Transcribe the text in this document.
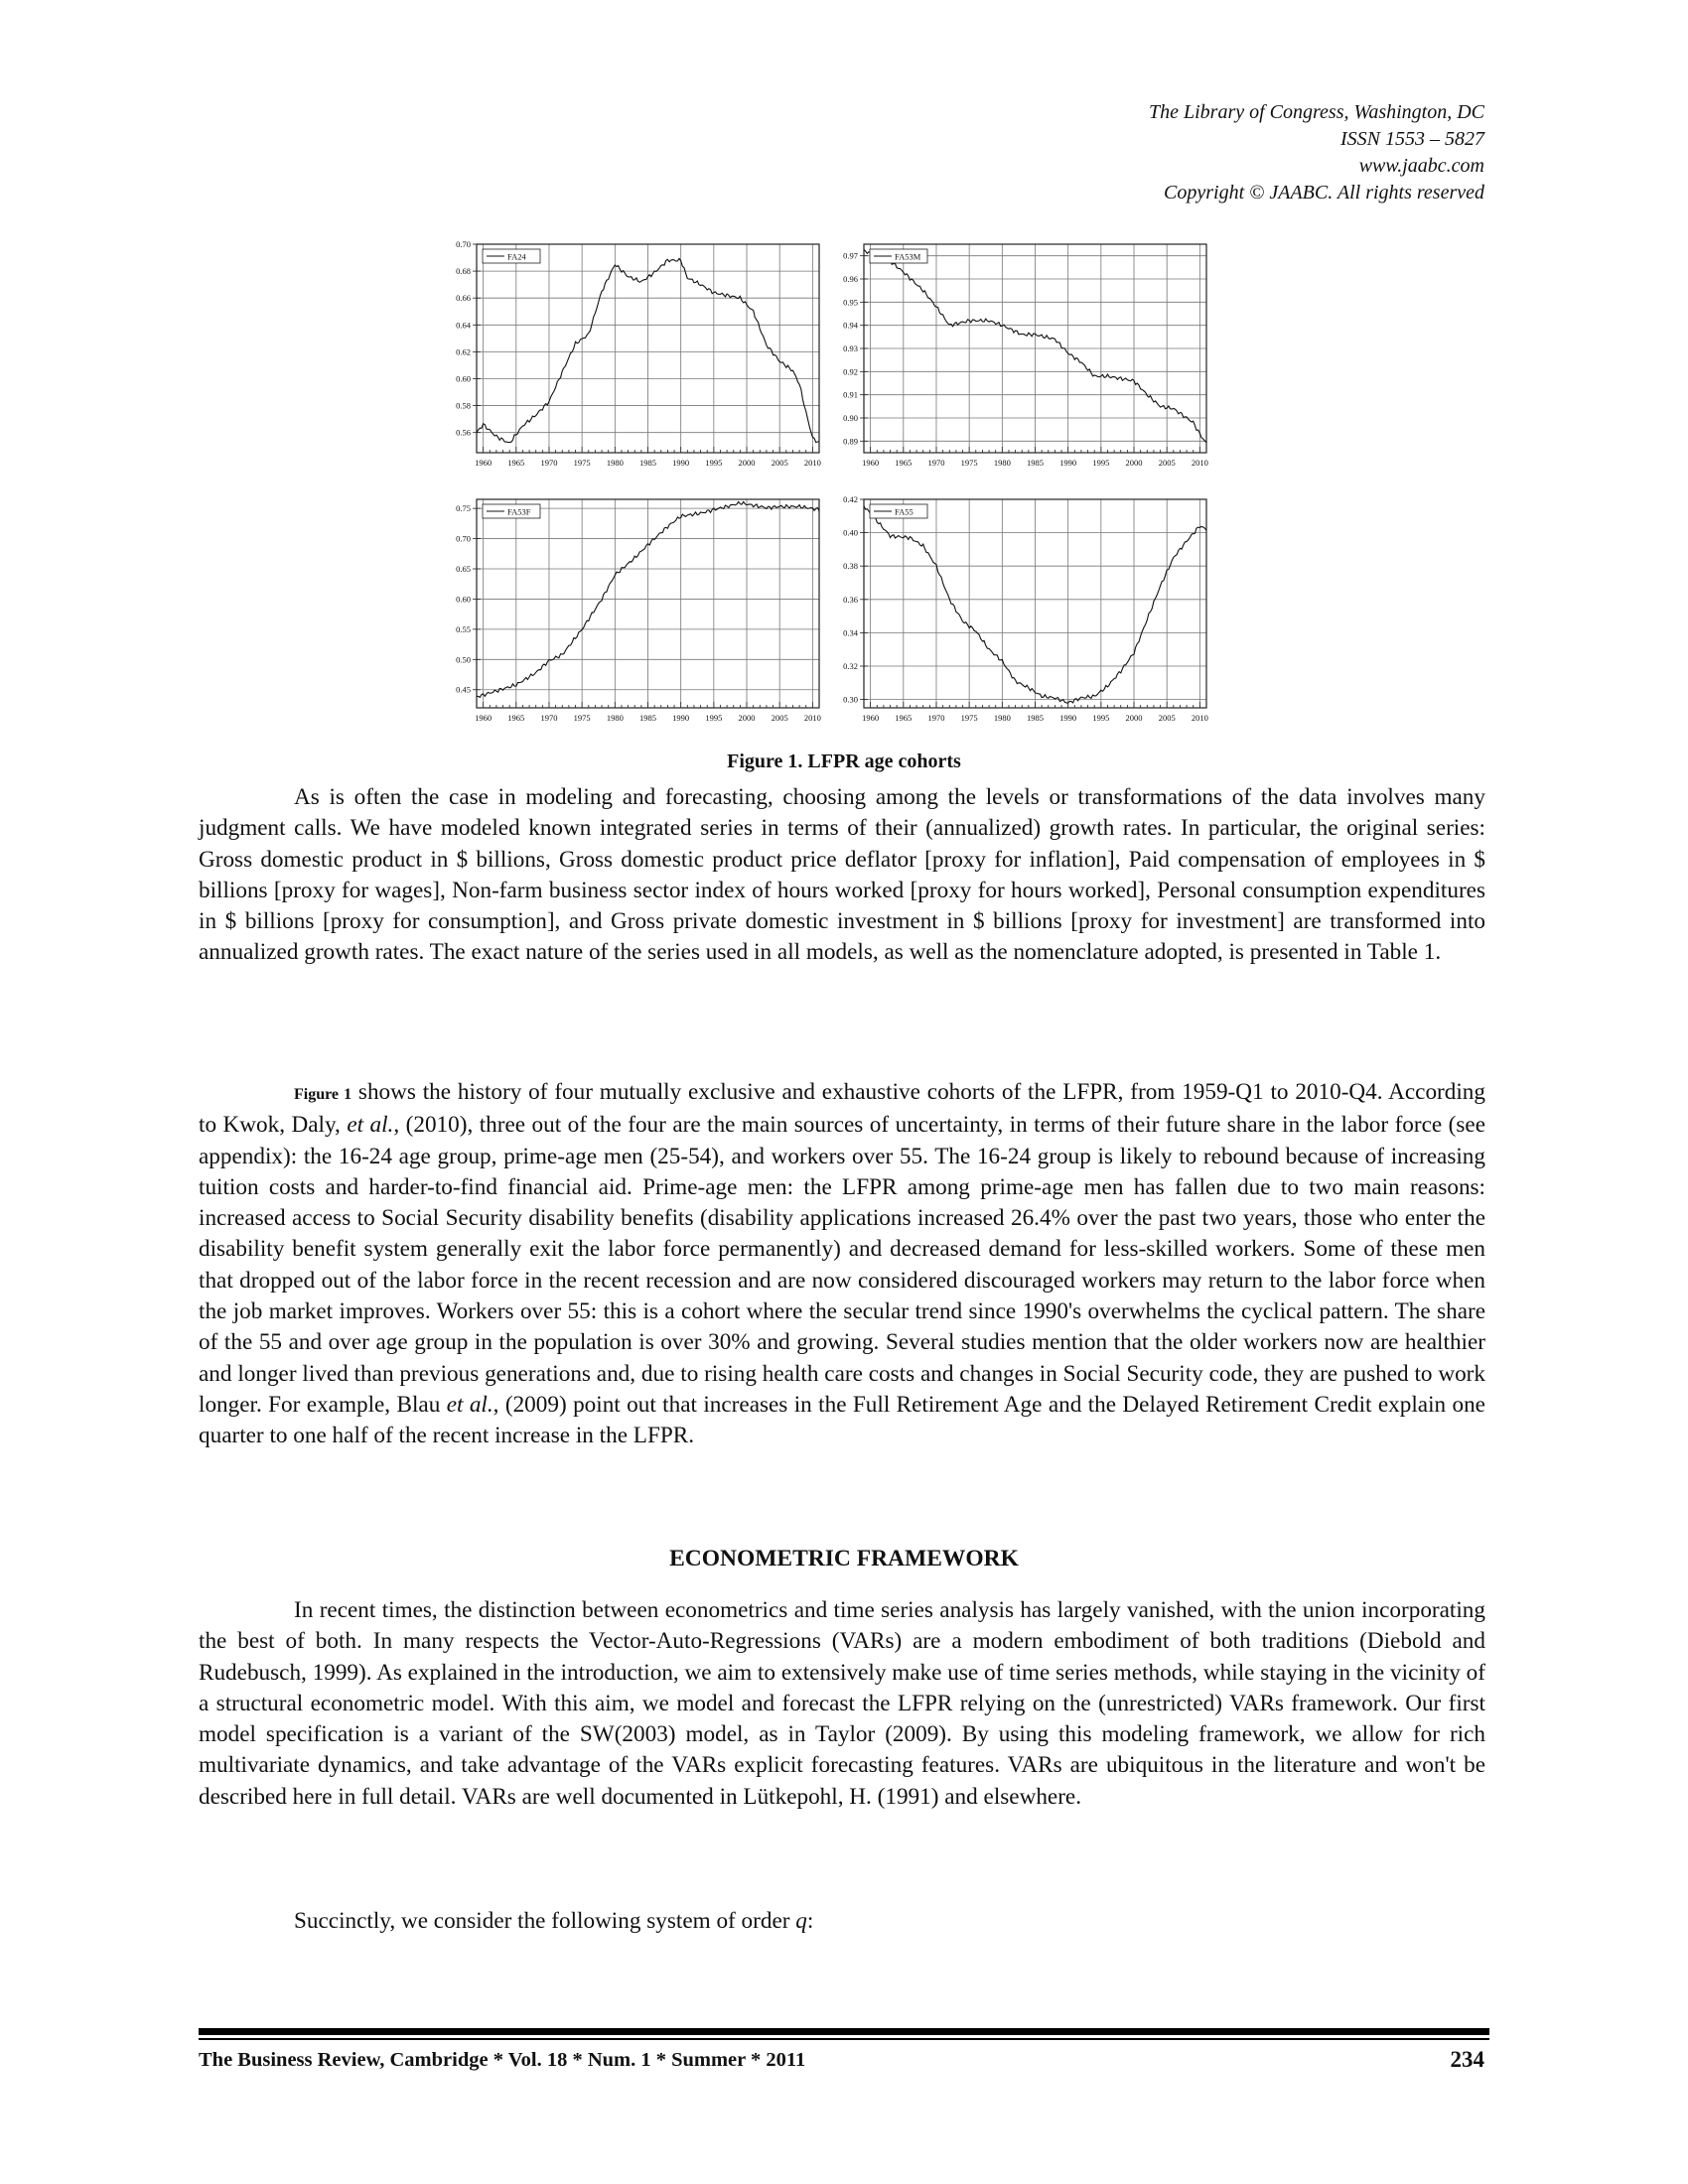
The Library of Congress, Washington, DC
ISSN 1553 – 5827
www.jaabc.com
Copyright © JAABC. All rights reserved
0.70
0.68
0.66
0.64
0.62
0.60
0.58
0.56
1960 1965 1970 1975 1980 1985 1990 1995 2000 2005 2010
FA24	0.97
0.96
0.95
0.94
0.93
0.92
0.91
0.90
0.89
1960 1965 1970 1975 1980 1985 1990 1995 2000 2005 2010
FA53M
0.75
0.70
0.65
0.60
0.55
0.50
0.45
1960 1965 1970 1975 1980 1985 1990 1995 2000 2005 2010
FA53F
0.42
0.40
0.38
0.36
0.34
0.32
0.30
1960 1965 1970 1975 1980 1985 1990 1995 2000 2005 2010
FA55
Figure 1. LFPR age cohorts

As is often the case in modeling and forecasting, choosing among the levels or transformations of the data involves many judgment calls. We have modeled known integrated series in terms of their (annualized) growth rates. In particular, the original series: Gross domestic product in $ billions, Gross domestic product price deflator [proxy for inflation], Paid compensation of employees in $ billions [proxy for wages], Non-farm business sector index of hours worked [proxy for hours worked], Personal consumption expenditures in $ billions [proxy for consumption], and Gross private domestic investment in $ billions [proxy for investment] are transformed into annualized growth rates. The exact nature of the series used in all models, as well as the nomenclature adopted, is presented in Table 1.

Figure 1 shows the history of four mutually exclusive and exhaustive cohorts of the LFPR, from 1959-Q1 to 2010-Q4. According to Kwok, Daly, et al., (2010), three out of the four are the main sources of uncertainty, in terms of their future share in the labor force (see appendix): the 16-24 age group, prime-age men (25-54), and workers over 55. The 16-24 group is likely to rebound because of increasing tuition costs and harder-to-find financial aid. Prime-age men: the LFPR among prime-age men has fallen due to two main reasons: increased access to Social Security disability benefits (disability applications increased 26.4% over the past two years, those who enter the disability benefit system generally exit the labor force permanently) and decreased demand for less-skilled workers. Some of these men that dropped out of the labor force in the recent recession and are now considered discouraged workers may return to the labor force when the job market improves. Workers over 55: this is a cohort where the secular trend since 1990's overwhelms the cyclical pattern. The share of the 55 and over age group in the population is over 30% and growing. Several studies mention that the older workers now are healthier and longer lived than previous generations and, due to rising health care costs and changes in Social Security code, they are pushed to work longer. For example, Blau et al., (2009) point out that increases in the Full Retirement Age and the Delayed Retirement Credit explain one quarter to one half of the recent increase in the LFPR.

ECONOMETRIC FRAMEWORK

In recent times, the distinction between econometrics and time series analysis has largely vanished, with the union incorporating the best of both. In many respects the Vector-Auto-Regressions (VARs) are a modern embodiment of both traditions (Diebold and Rudebusch, 1999). As explained in the introduction, we aim to extensively make use of time series methods, while staying in the vicinity of a structural econometric model. With this aim, we model and forecast the LFPR relying on the (unrestricted) VARs framework. Our first model specification is a variant of the SW(2003) model, as in Taylor (2009). By using this modeling framework, we allow for rich multivariate dynamics, and take advantage of the VARs explicit forecasting features. VARs are ubiquitous in the literature and won't be described here in full detail. VARs are well documented in Lütkepohl, H. (1991) and elsewhere.

Succinctly, we consider the following system of order q:

The Business Review, Cambridge * Vol. 18 * Num. 1 * Summer * 2011	234
